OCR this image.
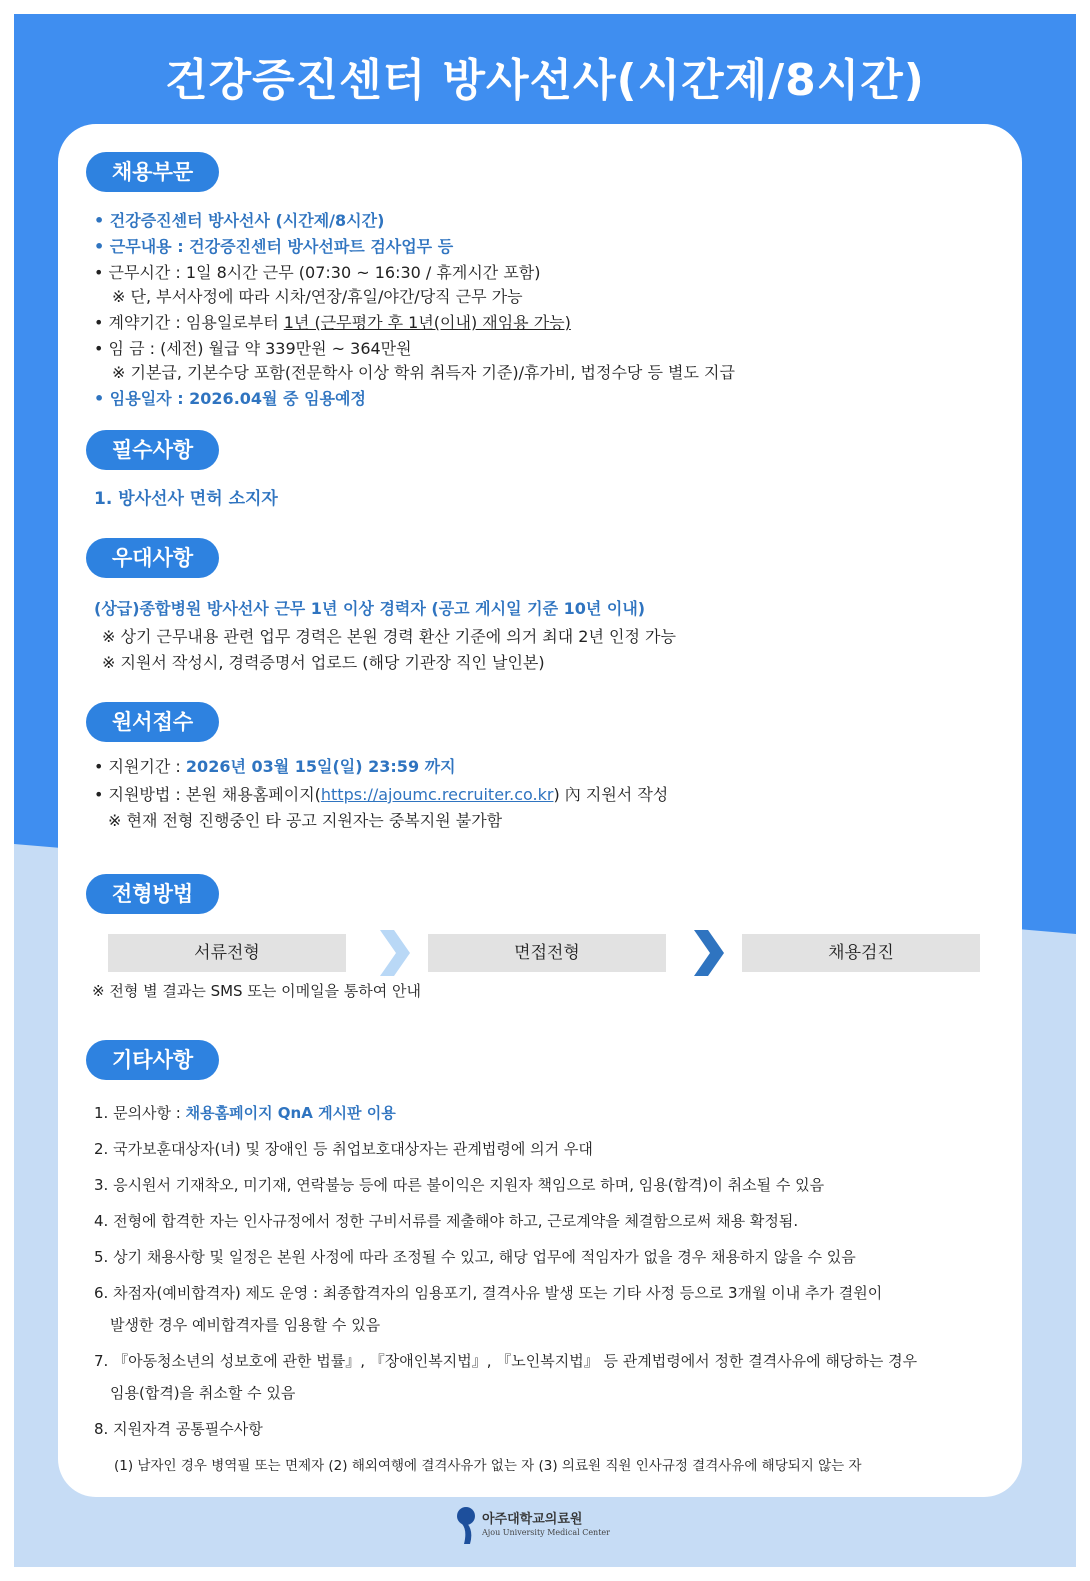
건강증진센터 방사선사(시간제/8시간)
채용부문
• 건강증진센터 방사선사 (시간제/8시간)
• 근무내용 : 건강증진센터 방사선파트 검사업무 등
• 근무시간 : 1일 8시간 근무 (07:30 ~ 16:30 / 휴게시간 포함)
※ 단, 부서사정에 따라 시차/연장/휴일/야간/당직 근무 가능
• 계약기간 : 임용일로부터 1년 (근무평가 후 1년(이내) 재임용 가능)
• 임 금 : (세전) 월급 약 339만원 ~ 364만원
※ 기본급, 기본수당 포함(전문학사 이상 학위 취득자 기준)/휴가비, 법정수당 등 별도 지급
• 임용일자 : 2026.04월 중 임용예정
필수사항
1. 방사선사 면허 소지자
우대사항
(상급)종합병원 방사선사 근무 1년 이상 경력자 (공고 게시일 기준 10년 이내)
※ 상기 근무내용 관련 업무 경력은 본원 경력 환산 기준에 의거 최대 2년 인정 가능
※ 지원서 작성시, 경력증명서 업로드 (해당 기관장 직인 날인본)
원서접수
• 지원기간 : 2026년 03월 15일(일) 23:59 까지
• 지원방법 : 본원 채용홈페이지(https://ajoumc.recruiter.co.kr) 內 지원서 작성
※ 현재 전형 진행중인 타 공고 지원자는 중복지원 불가함
전형방법
서류전형	면접전형	채용검진
※ 전형 별 결과는 SMS 또는 이메일을 통하여 안내
기타사항
1. 문의사항 : 채용홈페이지 QnA 게시판 이용
2. 국가보훈대상자(녀) 및 장애인 등 취업보호대상자는 관계법령에 의거 우대
3. 응시원서 기재착오, 미기재, 연락불능 등에 따른 불이익은 지원자 책임으로 하며, 임용(합격)이 취소될 수 있음
4. 전형에 합격한 자는 인사규정에서 정한 구비서류를 제출해야 하고, 근로계약을 체결함으로써 채용 확정됨.
5. 상기 채용사항 및 일정은 본원 사정에 따라 조정될 수 있고, 해당 업무에 적임자가 없을 경우 채용하지 않을 수 있음
6. 차점자(예비합격자) 제도 운영 : 최종합격자의 임용포기, 결격사유 발생 또는 기타 사정 등으로 3개월 이내 추가 결원이
발생한 경우 예비합격자를 임용할 수 있음
7. 『아동청소년의 성보호에 관한 법률』, 『장애인복지법』, 『노인복지법』 등 관계법령에서 정한 결격사유에 해당하는 경우
임용(합격)을 취소할 수 있음
8. 지원자격 공통필수사항
(1) 남자인 경우 병역필 또는 면제자 (2) 해외여행에 결격사유가 없는 자 (3) 의료원 직원 인사규정 결격사유에 해당되지 않는 자
아주대학교의료원
Ajou University Medical Center
